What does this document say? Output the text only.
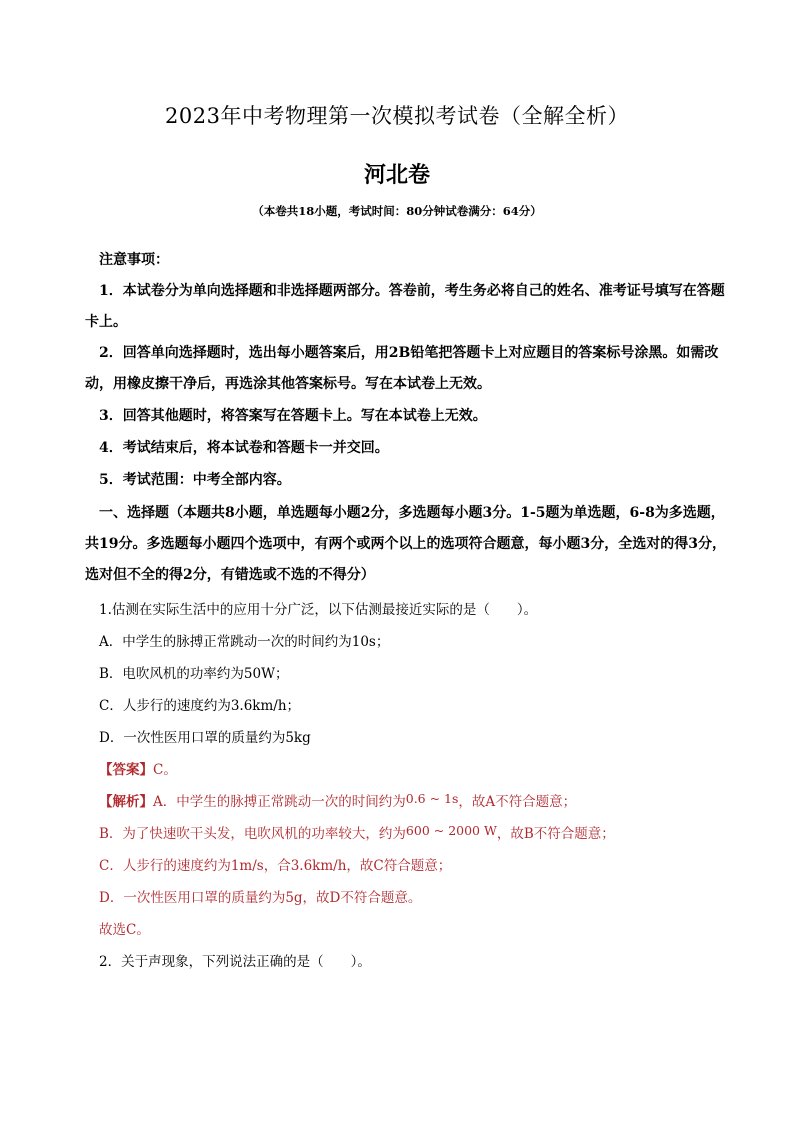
2023年中考物理第一次模拟考试卷（全解全析）
河北卷
（本卷共18小题，考试时间：80分钟试卷满分：64分）
注意事项：
1．本试卷分为单向选择题和非选择题两部分。答卷前，考生务必将自己的姓名、准考证号填写在答题卡上。
2．回答单向选择题时，选出每小题答案后，用2B铅笔把答题卡上对应题目的答案标号涂黑。如需改动，用橡皮擦干净后，再选涂其他答案标号。写在本试卷上无效。
3．回答其他题时，将答案写在答题卡上。写在本试卷上无效。
4．考试结束后，将本试卷和答题卡一并交回。
5．考试范围：中考全部内容。
一、选择题（本题共8小题，单选题每小题2分，多选题每小题3分。1-5题为单选题，6-8为多选题，共19分。多选题每小题四个选项中，有两个或两个以上的选项符合题意，每小题3分，全选对的得3分，选对但不全的得2分，有错选或不选的不得分）
1.估测在实际生活中的应用十分广泛，以下估测最接近实际的是（　　）。
A．中学生的脉搏正常跳动一次的时间约为10s；
B．电吹风机的功率约为50W；
C．人步行的速度约为3.6km/h；
D．一次性医用口罩的质量约为5kg
【答案】C。
【解析】A．中学生的脉搏正常跳动一次的时间约为0.6 ~ 1s，故A不符合题意；
B．为了快速吹干头发，电吹风机的功率较大，约为600 ~ 2000 W，故B不符合题意；
C．人步行的速度约为1m/s，合3.6km/h，故C符合题意；
D．一次性医用口罩的质量约为5g，故D不符合题意。
故选C。
2．关于声现象，下列说法正确的是（　　）。
